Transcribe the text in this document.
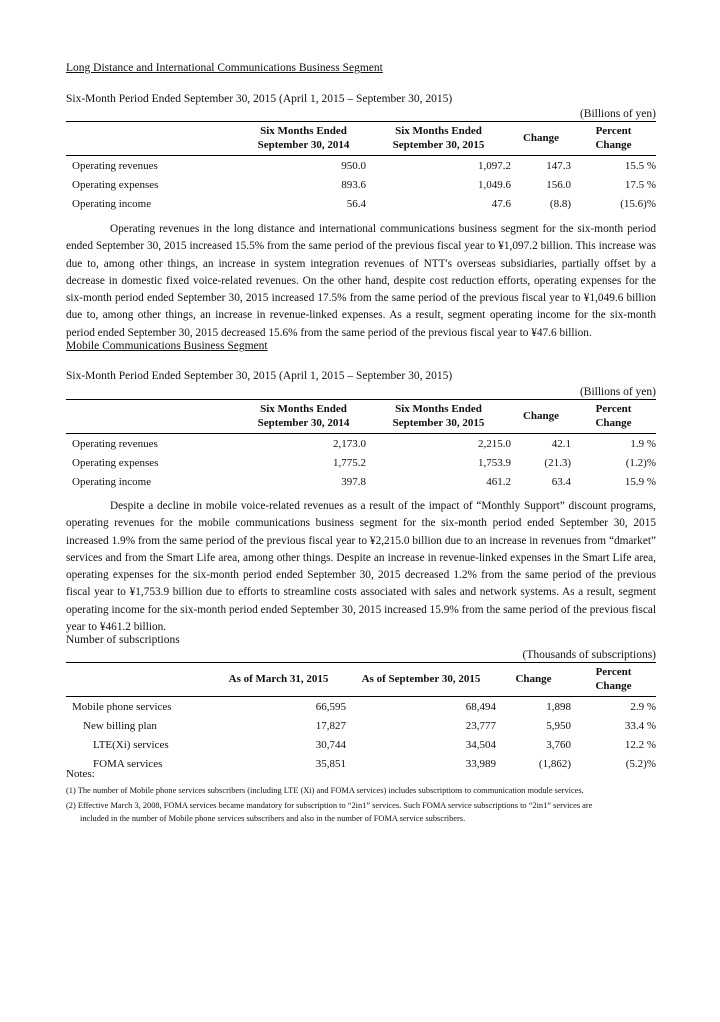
Long Distance and International Communications Business Segment
Six-Month Period Ended September 30, 2015 (April 1, 2015 – September 30, 2015)
(Billions of yen)
	Six Months Ended
September 30, 2014	Six Months Ended
September 30, 2015	Change	Percent
Change
Operating revenues	950.0	1,097.2	147.3	15.5 %
Operating expenses	893.6	1,049.6	156.0	17.5 %
Operating income	56.4	47.6	(8.8)	(15.6)%
Operating revenues in the long distance and international communications business segment for the six-month period ended September 30, 2015 increased 15.5% from the same period of the previous fiscal year to ¥1,097.2 billion. This increase was due to, among other things, an increase in system integration revenues of NTT's overseas subsidiaries, partially offset by a decrease in domestic fixed voice-related revenues. On the other hand, despite cost reduction efforts, operating expenses for the six-month period ended September 30, 2015 increased 17.5% from the same period of the previous fiscal year to ¥1,049.6 billion due to, among other things, an increase in revenue-linked expenses. As a result, segment operating income for the six-month period ended September 30, 2015 decreased 15.6% from the same period of the previous fiscal year to ¥47.6 billion.
Mobile Communications Business Segment
Six-Month Period Ended September 30, 2015 (April 1, 2015 – September 30, 2015)
(Billions of yen)
	Six Months Ended
September 30, 2014	Six Months Ended
September 30, 2015	Change	Percent
Change
Operating revenues	2,173.0	2,215.0	42.1	1.9 %
Operating expenses	1,775.2	1,753.9	(21.3)	(1.2)%
Operating income	397.8	461.2	63.4	15.9 %
Despite a decline in mobile voice-related revenues as a result of the impact of “Monthly Support” discount programs, operating revenues for the mobile communications business segment for the six-month period ended September 30, 2015 increased 1.9% from the same period of the previous fiscal year to ¥2,215.0 billion due to an increase in revenues from “dmarket” services and from the Smart Life area, among other things. Despite an increase in revenue-linked expenses in the Smart Life area, operating expenses for the six-month period ended September 30, 2015 decreased 1.2% from the same period of the previous fiscal year to ¥1,753.9 billion due to efforts to streamline costs associated with sales and network systems. As a result, segment operating income for the six-month period ended September 30, 2015 increased 15.9% from the same period of the previous fiscal year to ¥461.2 billion.
Number of subscriptions
(Thousands of subscriptions)
	As of March 31, 2015	As of September 30, 2015	Change	Percent
Change
Mobile phone services	66,595	68,494	1,898	2.9 %
New billing plan	17,827	23,777	5,950	33.4 %
LTE(Xi) services	30,744	34,504	3,760	12.2 %
FOMA services	35,851	33,989	(1,862)	(5.2)%
Notes:
(1) The number of Mobile phone services subscribers (including LTE (Xi) and FOMA services) includes subscriptions to communication module services.
(2) Effective March 3, 2008, FOMA services became mandatory for subscription to “2in1” services. Such FOMA service subscriptions to “2in1” services are
included in the number of Mobile phone services subscribers and also in the number of FOMA service subscribers.
